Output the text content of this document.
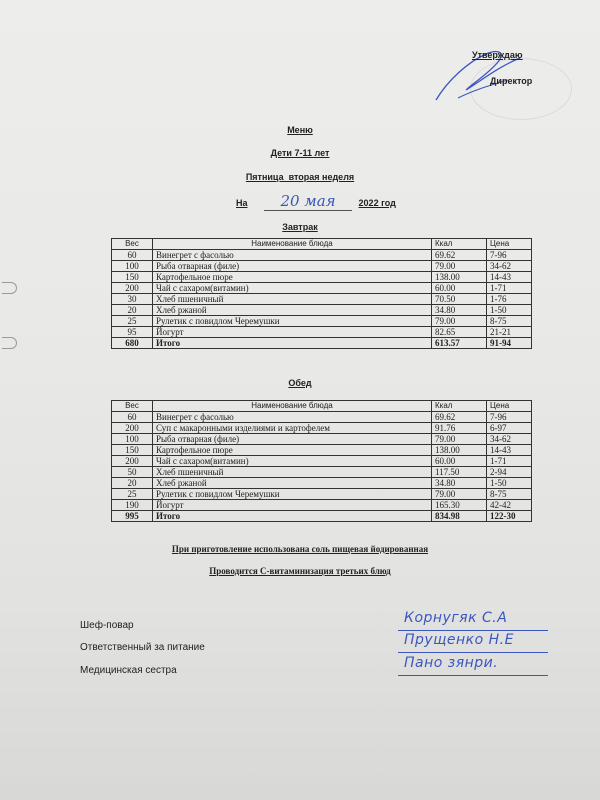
Утверждаю
Директор
Меню
Дети 7-11 лет
Пятница  вторая неделя
На 20 мая	2022 год
Завтрак
Вес	Наименование блюда	Ккал	Цена
60	Винегрет с фасолью	69.62	7-96
100	Рыба отварная (филе)	79.00	34-62
150	Картофельное пюре	138.00	14-43
200	Чай с сахаром(витамин)	60.00	1-71
30	Хлеб пшеничный	70.50	1-76
20	Хлеб ржаной	34.80	1-50
25	Рулетик с повидлом Черемушки	79.00	8-75
95	Йогурт	82.65	21-21
680	Итого	613.57	91-94
Обед
Вес	Наименование блюда	Ккал	Цена
60	Винегрет с фасолью	69.62	7-96
200	Суп с макаронными изделиями и картофелем	91.76	6-97
100	Рыба отварная (филе)	79.00	34-62
150	Картофельное пюре	138.00	14-43
200	Чай с сахаром(витамин)	60.00	1-71
50	Хлеб пшеничный	117.50	2-94
20	Хлеб ржаной	34.80	1-50
25	Рулетик с повидлом Черемушки	79.00	8-75
190	Йогурт	165.30	42-42
995	Итого	834.98	122-30
При приготовление использована соль пищевая йодированная
Проводится С-витаминизация третьих блюд
Шеф-повар	Корнугяк С.А
Ответственный за питание	Прущенко Н.Е
Медицинская сестра	Пано зянри.
